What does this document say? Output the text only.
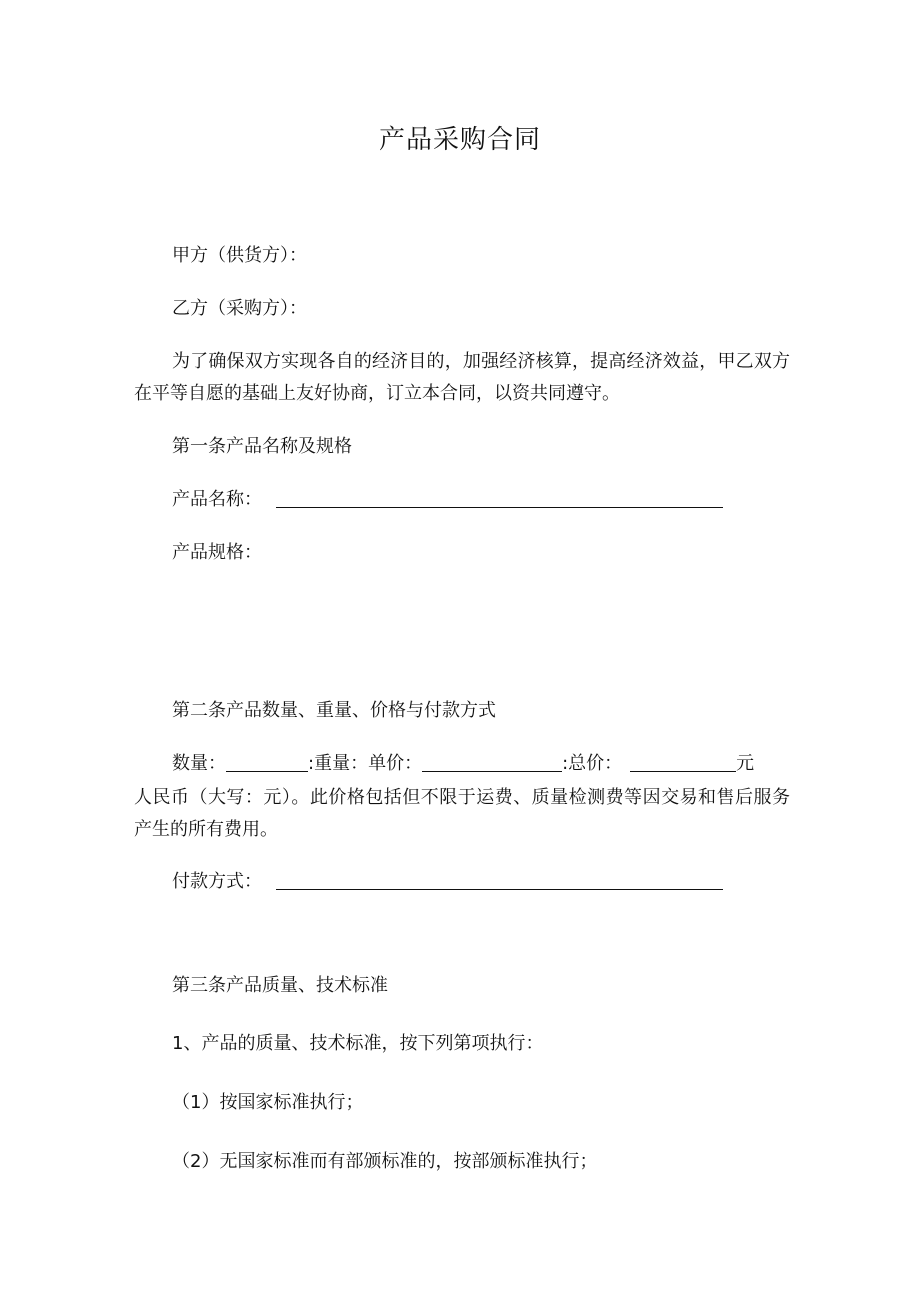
产品采购合同
甲方（供货方）：
乙方（采购方）：
为了确保双方实现各自的经济目的，加强经济核算，提高经济效益，甲乙双方在平等自愿的基础上友好协商，订立本合同，以资共同遵守。
第一条产品名称及规格
产品名称：
产品规格：
第二条产品数量、重量、价格与付款方式
数量：	:重量：单价：	:总价：	元
人民币（大写：元）。此价格包括但不限于运费、质量检测费等因交易和售后服务产生的所有费用。
付款方式：
第三条产品质量、技术标准
1、产品的质量、技术标准，按下列第项执行：
（1）按国家标准执行；
（2）无国家标准而有部颁标准的，按部颁标准执行；
